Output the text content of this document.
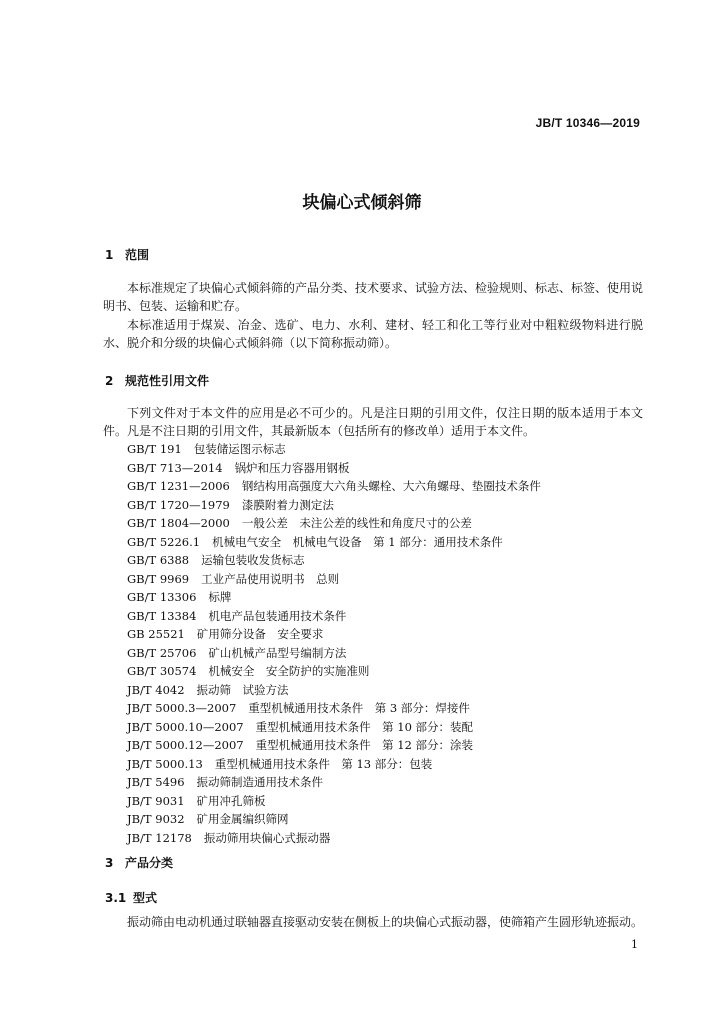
JB/T 10346—2019
块偏心式倾斜筛
1 范围
本标准规定了块偏心式倾斜筛的产品分类、技术要求、试验方法、检验规则、标志、标签、使用说明书、包装、运输和贮存。
本标准适用于煤炭、冶金、选矿、电力、水利、建材、轻工和化工等行业对中粗粒级物料进行脱水、脱介和分级的块偏心式倾斜筛（以下简称振动筛）。
2 规范性引用文件
下列文件对于本文件的应用是必不可少的。凡是注日期的引用文件，仅注日期的版本适用于本文件。凡是不注日期的引用文件，其最新版本（包括所有的修改单）适用于本文件。
GB/T 191 包装储运图示标志
GB/T 713—2014 锅炉和压力容器用钢板
GB/T 1231—2006 钢结构用高强度大六角头螺栓、大六角螺母、垫圈技术条件
GB/T 1720—1979 漆膜附着力测定法
GB/T 1804—2000 一般公差　未注公差的线性和角度尺寸的公差
GB/T 5226.1 机械电气安全　机械电气设备　第 1 部分：通用技术条件
GB/T 6388 运输包装收发货标志
GB/T 9969 工业产品使用说明书　总则
GB/T 13306 标牌
GB/T 13384 机电产品包装通用技术条件
GB 25521 矿用筛分设备　安全要求
GB/T 25706 矿山机械产品型号编制方法
GB/T 30574 机械安全　安全防护的实施准则
JB/T 4042 振动筛　试验方法
JB/T 5000.3—2007 重型机械通用技术条件　第 3 部分：焊接件
JB/T 5000.10—2007 重型机械通用技术条件　第 10 部分：装配
JB/T 5000.12—2007 重型机械通用技术条件　第 12 部分：涂装
JB/T 5000.13 重型机械通用技术条件　第 13 部分：包装
JB/T 5496 振动筛制造通用技术条件
JB/T 9031 矿用冲孔筛板
JB/T 9032 矿用金属编织筛网
JB/T 12178 振动筛用块偏心式振动器
3 产品分类
3.1 型式
振动筛由电动机通过联轴器直接驱动安装在侧板上的块偏心式振动器，使筛箱产生圆形轨迹振动。
1
